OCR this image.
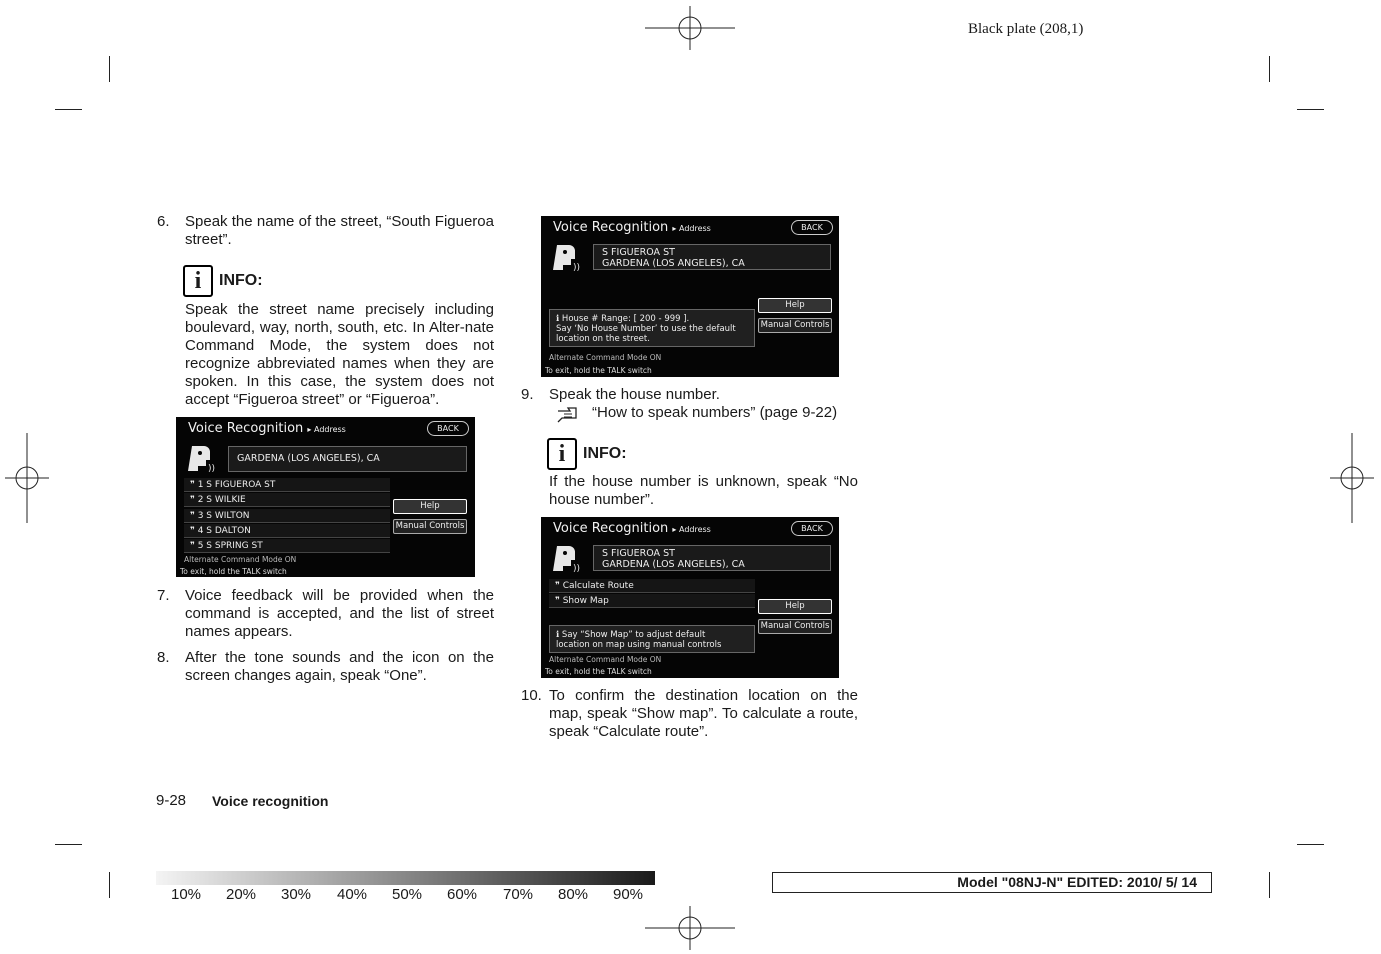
Black plate (208,1)
6. Speak the name of the street, “South Figueroa street”.
i	INFO:
Speak the street name precisely including boulevard, way, north, south, etc. In Alter-nate Command Mode, the system does not recognize abbreviated names when they are spoken. In this case, the system does not accept “Figueroa street” or “Figueroa”.
Voice Recognition ▸ Address	BACK
))
GARDENA (LOS ANGELES), CA
❞ 1 S FIGUEROA ST
❞ 2 S WILKIE
❞ 3 S WILTON
❞ 4 S DALTON
❞ 5 S SPRING ST
Help
Manual Controls
Alternate Command Mode ON
To exit, hold the TALK switch
7. Voice feedback will be provided when the command is accepted, and the list of street names appears.
8. After the tone sounds and the icon on the screen changes again, speak “One”.
Voice Recognition ▸ Address	BACK
))
S FIGUEROA ST
GARDENA (LOS ANGELES), CA
Help
Manual Controls
ℹ House # Range: [ 200 - 999 ].
Say ‘No House Number’ to use the default
location on the street.
Alternate Command Mode ON
To exit, hold the TALK switch
9. Speak the house number.
“How to speak numbers” (page 9-22)
i	INFO:
If the house number is unknown, speak “No house number”.
Voice Recognition ▸ Address	BACK
))
S FIGUEROA ST
GARDENA (LOS ANGELES), CA
❞ Calculate Route
❞ Show Map	Help
Manual Controls
ℹ Say “Show Map” to adjust default
location on map using manual controls
Alternate Command Mode ON
To exit, hold the TALK switch
10. To confirm the destination location on the map, speak “Show map”. To calculate a route, speak “Calculate route”.
9-28 Voice recognition
10% 20% 30% 40% 50% 60% 70% 80% 90%
Model "08NJ-N" EDITED: 2010/ 5/ 14
